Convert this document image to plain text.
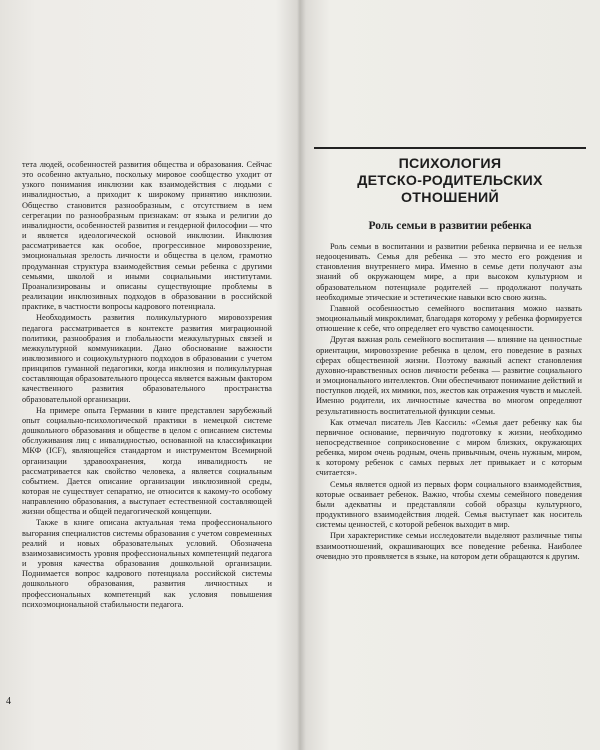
тета людей, особенностей развития общества и образования. Сейчас это особенно актуально, поскольку мировое сообщество уходит от узкого понимания инклюзии как взаимодействия с людьми с инвалидностью, а приходит к широкому принятию инклюзии. Общество становится разнообразным, с отсутствием в нем сегрегации по разнообразным признакам: от языка и религии до инвалидности, особенностей развития и гендерной философии — что и является идеологической основой инклюзии. Инклюзия рассматривается как особое, прогрессивное мировоззрение, эмоциональная зрелость личности и общества в целом, грамотно продуманная структура взаимодействия семьи ребенка с другими семьями, школой и иными социальными институтами. Проанализированы и описаны существующие проблемы в реализации инклюзивных подходов в образовании в российской практике, в частности вопросы кадрового потенциала.

Необходимость развития поликультурного мировоззрения педагога рассматривается в контексте развития миграционной политики, разнообразия и глобальности межкультурных связей и межкультурной коммуникации. Дано обоснование важности инклюзивного и социокультурного подходов в образовании с учетом принципов гуманной педагогики, когда инклюзия и поликультурная составляющая образовательного процесса является важным фактором качественного развития образовательного пространства образовательной организации.

На примере опыта Германии в книге представлен зарубежный опыт социально-психологической практики в немецкой системе дошкольного образования и обществе в целом с описанием системы обслуживания лиц с инвалидностью, основанной на классификации МКФ (ICF), являющейся стандартом и инструментом Всемирной организации здравоохранения, когда инвалидность не рассматривается как свойство человека, а является социальным событием. Дается описание организации инклюзивной среды, которая не существует сепаратно, не относится к какому-то особому направлению образования, а выступает естественной составляющей жизни общества и общей педагогической концепции.

Также в книге описана актуальная тема профессионального выгорания специалистов системы образования с учетом современных реалий и новых образовательных условий. Обозначена взаимозависимость уровня профессиональных компетенций педагога и уровня качества образования дошкольной организации. Поднимается вопрос кадрового потенциала российской системы дошкольного образования, развития личностных и профессиональных компетенций как условия повышения психоэмоциональной стабильности педагога.

4
ПСИХОЛОГИЯ
ДЕТСКО-РОДИТЕЛЬСКИХ
ОТНОШЕНИЙ
Роль семьи в развитии ребенка

Роль семьи в воспитании и развитии ребенка первична и ее нельзя недооценивать. Семья для ребенка — это место его рождения и становления внутреннего мира. Именно в семье дети получают азы знаний об окружающем мире, а при высоком культурном и образовательном потенциале родителей — продолжают получать необходимые этические и эстетические навыки всю свою жизнь.

Главной особенностью семейного воспитания можно назвать эмоциональный микроклимат, благодаря которому у ребенка формируется отношение к себе, что определяет его чувство самоценности.

Другая важная роль семейного воспитания — влияние на ценностные ориентации, мировоззрение ребенка в целом, его поведение в разных сферах общественной жизни. Поэтому важный аспект становления духовно-нравственных основ личности ребенка — развитие социального и эмоционального интеллектов. Они обеспечивают понимание действий и поступков людей, их мимики, поз, жестов как отражения чувств и мыслей. Именно родители, их личностные качества во многом определяют результативность воспитательной функции семьи.

Как отмечал писатель Лев Кассиль: «Семья дает ребенку как бы первичное основание, первичную подготовку к жизни, необходимо непосредственное соприкосновение с миром близких, окружающих ребенка, миром очень родным, очень привычным, очень нужным, миром, к которому ребенок с самых первых лет привыкает и с которым считается».

Семья является одной из первых форм социального взаимодействия, которые осваивает ребенок. Важно, чтобы схемы семейного поведения были адекватны и представляли собой образцы культурного, продуктивного взаимодействия людей. Семья выступает как носитель системы ценностей, с которой ребенок выходит в мир.

При характеристике семьи исследователи выделяют различные типы взаимоотношений, окрашивающих все поведение ребенка. Наиболее очевидно это проявляется в языке, на котором дети обращаются к другим.
